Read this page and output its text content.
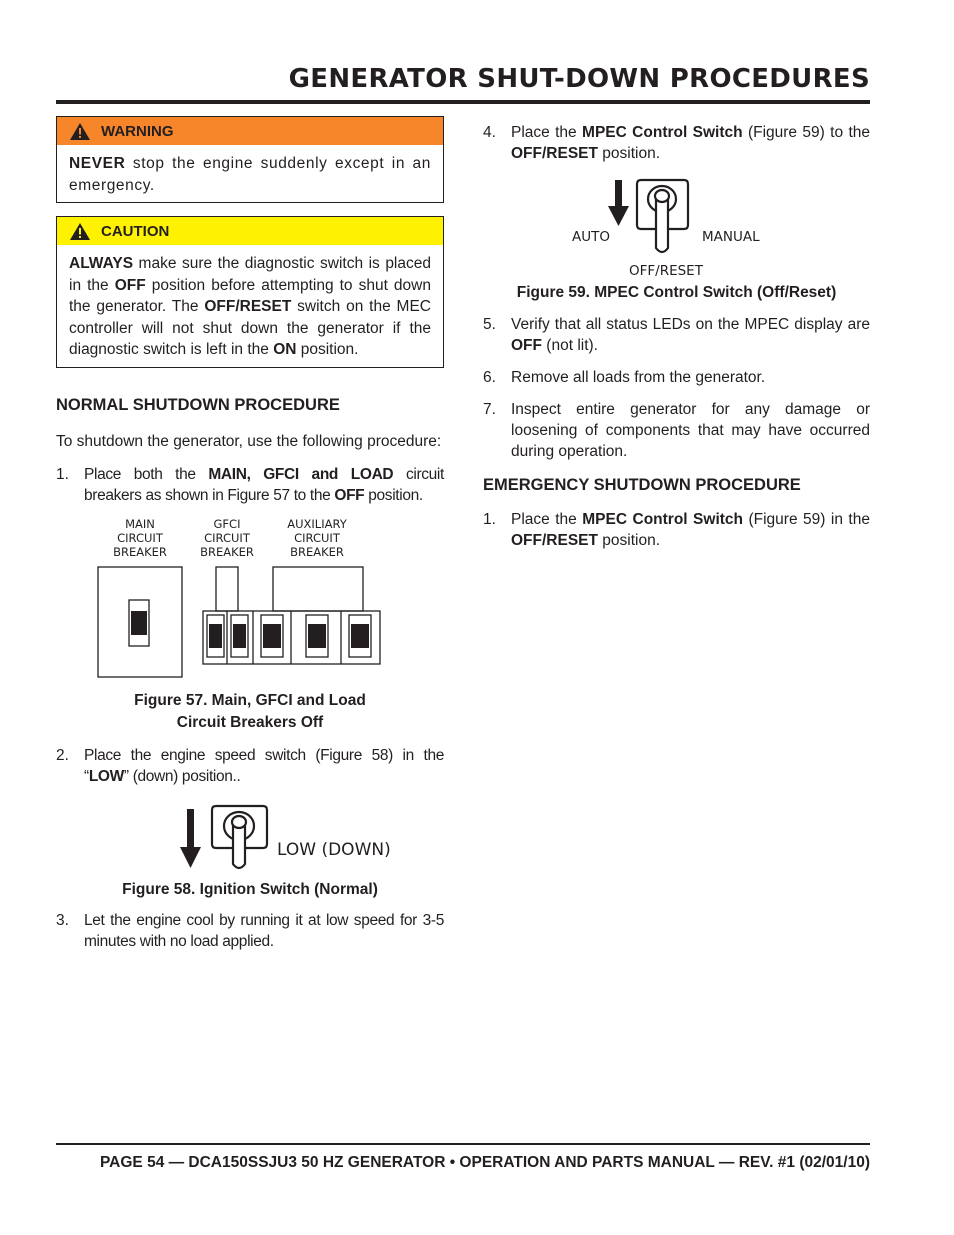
GENERATOR SHUT-DOWN PROCEDURES
WARNING
NEVER stop the engine suddenly except in an emergency.
CAUTION
ALWAYS make sure the diagnostic switch is placed in the OFF position before attempting to shut down the generator. The OFF/RESET switch on the MEC controller will not shut down the generator if the diagnostic switch is left in the ON position.
NORMAL SHUTDOWN PROCEDURE
To shutdown the generator, use the following procedure:
1. Place both the MAIN, GFCI and LOAD circuit breakers as shown in Figure 57 to the OFF position.
MAIN
CIRCUIT
BREAKER
GFCI
CIRCUIT
BREAKER
AUXILIARY
CIRCUIT
BREAKER
Figure 57. Main, GFCI and Load
Circuit Breakers Off
2. Place the engine speed switch (Figure 58) in the “LOW” (down) position..
LOW (DOWN)
Figure 58. Ignition Switch (Normal)
3. Let the engine cool by running it at low speed for 3-5 minutes with no load applied.
4. Place the MPEC Control Switch (Figure 59) to the OFF/RESET position.
AUTO	MANUAL
OFF/RESET
Figure 59. MPEC Control Switch (Off/Reset)
5. Verify that all status LEDs on the MPEC display are OFF (not lit).
6. Remove all loads from the generator.
7. Inspect entire generator for any damage or loosening of components that may have occurred during operation.
EMERGENCY SHUTDOWN PROCEDURE
1. Place the MPEC Control Switch (Figure 59) in the OFF/RESET position.
PAGE 54 — DCA150SSJU3 50 HZ GENERATOR • OPERATION AND PARTS MANUAL — REV. #1 (02/01/10)
